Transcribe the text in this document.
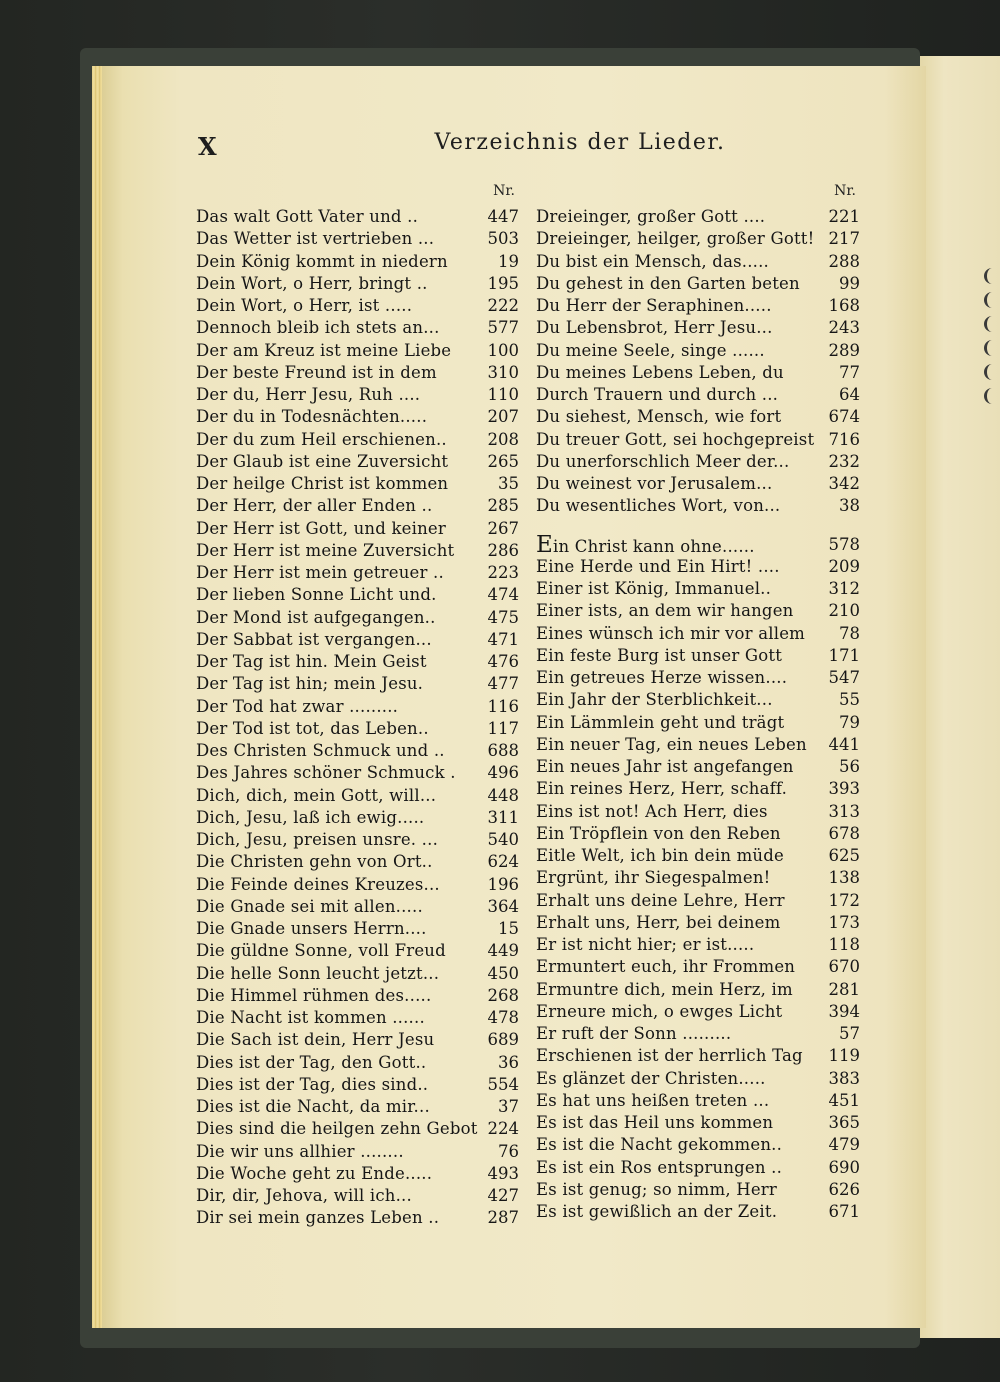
X	Verzeichnis der Lieder.
Nr.
Das walt Gott Vater und ..	447
Das Wetter ist vertrieben ...	503
Dein König kommt in niedern	19
Dein Wort, o Herr, bringt ..	195
Dein Wort, o Herr, ist .....	222
Dennoch bleib ich stets an...	577
Der am Kreuz ist meine Liebe	100
Der beste Freund ist in dem	310
Der du, Herr Jesu, Ruh ....	110
Der du in Todesnächten.....	207
Der du zum Heil erschienen..	208
Der Glaub ist eine Zuversicht	265
Der heilge Christ ist kommen	35
Der Herr, der aller Enden ..	285
Der Herr ist Gott, und keiner	267
Der Herr ist meine Zuversicht	286
Der Herr ist mein getreuer ..	223
Der lieben Sonne Licht und.	474
Der Mond ist aufgegangen..	475
Der Sabbat ist vergangen...	471
Der Tag ist hin. Mein Geist	476
Der Tag ist hin; mein Jesu.	477
Der Tod hat zwar .........	116
Der Tod ist tot, das Leben..	117
Des Christen Schmuck und ..	688
Des Jahres schöner Schmuck .	496
Dich, dich, mein Gott, will...	448
Dich, Jesu, laß ich ewig.....	311
Dich, Jesu, preisen unsre. ...	540
Die Christen gehn von Ort..	624
Die Feinde deines Kreuzes...	196
Die Gnade sei mit allen.....	364
Die Gnade unsers Herrn....	15
Die güldne Sonne, voll Freud	449
Die helle Sonn leucht jetzt...	450
Die Himmel rühmen des.....	268
Die Nacht ist kommen ......	478
Die Sach ist dein, Herr Jesu	689
Dies ist der Tag, den Gott..	36
Dies ist der Tag, dies sind..	554
Dies ist die Nacht, da mir...	37
Dies sind die heilgen zehn Gebot 224
Die wir uns allhier ........	76
Die Woche geht zu Ende.....	493
Dir, dir, Jehova, will ich...	427
Dir sei mein ganzes Leben ..	287
Nr.
Dreieinger, großer Gott ....	221
Dreieinger, heilger, großer Gott! 217
Du bist ein Mensch, das.....	288
Du gehest in den Garten beten	99
Du Herr der Seraphinen.....	168
Du Lebensbrot, Herr Jesu...	243
Du meine Seele, singe ......	289
Du meines Lebens Leben, du	77
Durch Trauern und durch ...	64
Du siehest, Mensch, wie fort	674
Du treuer Gott, sei hochgepreist 716
Du unerforschlich Meer der...	232
Du weinest vor Jerusalem...	342
Du wesentliches Wort, von...	38
Ein Christ kann ohne......	578
Eine Herde und Ein Hirt! ....	209
Einer ist König, Immanuel..	312
Einer ists, an dem wir hangen	210
Eines wünsch ich mir vor allem	78
Ein feste Burg ist unser Gott	171
Ein getreues Herze wissen....	547
Ein Jahr der Sterblichkeit...	55
Ein Lämmlein geht und trägt	79
Ein neuer Tag, ein neues Leben	441
Ein neues Jahr ist angefangen	56
Ein reines Herz, Herr, schaff.	393
Eins ist not! Ach Herr, dies	313
Ein Tröpflein von den Reben	678
Eitle Welt, ich bin dein müde	625
Ergrünt, ihr Siegespalmen!	138
Erhalt uns deine Lehre, Herr	172
Erhalt uns, Herr, bei deinem	173
Er ist nicht hier; er ist.....	118
Ermuntert euch, ihr Frommen	670
Ermuntre dich, mein Herz, im	281
Erneure mich, o ewges Licht	394
Er ruft der Sonn .........	57
Erschienen ist der herrlich Tag	119
Es glänzet der Christen.....	383
Es hat uns heißen treten ...	451
Es ist das Heil uns kommen	365
Es ist die Nacht gekommen..	479
Es ist ein Ros entsprungen ..	690
Es ist genug; so nimm, Herr	626
Es ist gewißlich an der Zeit.	671
